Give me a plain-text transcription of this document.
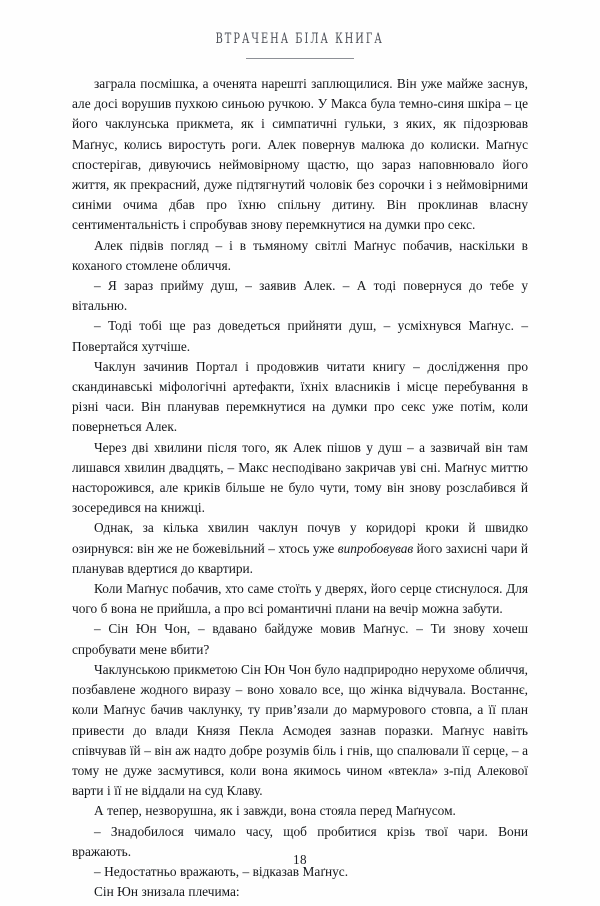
ВТРАЧЕНА БІЛА КНИГА

заграла посмішка, а оченята нарешті заплющилися. Він уже майже заснув, але досі ворушив пухкою синьою ручкою. У Макса була темно-синя шкіра – це його чаклунська прикмета, як і симпатичні гульки, з яких, як підозрював Маґнус, колись виростуть роги. Алек повернув малюка до колиски. Маґнус спостерігав, дивуючись неймовірному щастю, що зараз наповнювало його життя, як прекрасний, дуже підтягнутий чоловік без сорочки і з неймовірними синіми очима дбав про їхню спільну дитину. Він проклинав власну сентиментальність і спробував знову перемкнутися на думки про секс.

Алек підвів погляд – і в тьмяному світлі Маґнус побачив, наскільки в коханого стомлене обличчя.

– Я зараз прийму душ, – заявив Алек. – А тоді повернуся до тебе у вітальню.

– Тоді тобі ще раз доведеться прийняти душ, – усміхнувся Маґнус. – Повертайся хутчіше.

Чаклун зачинив Портал і продовжив читати книгу – дослідження про скандинавські міфологічні артефакти, їхніх власників і місце перебування в різні часи. Він планував перемкнутися на думки про секс уже потім, коли повернеться Алек.

Через дві хвилини після того, як Алек пішов у душ – а зазвичай він там лишався хвилин двадцять, – Макс несподівано закричав уві сні. Маґнус миттю насторожився, але криків більше не було чути, тому він знову розслабився й зосередився на книжці.

Однак, за кілька хвилин чаклун почув у коридорі кроки й швидко озирнувся: він же не божевільний – хтось уже випробовував його захисні чари й планував вдертися до квартири.

Коли Маґнус побачив, хто саме стоїть у дверях, його серце стиснулося. Для чого б вона не прийшла, а про всі романтичні плани на вечір можна забути.

– Сін Юн Чон, – вдавано байдуже мовив Маґнус. – Ти знову хочеш спробувати мене вбити?

Чаклунською прикметою Сін Юн Чон було надприродно нерухоме обличчя, позбавлене жодного виразу – воно ховало все, що жінка відчувала. Востаннє, коли Маґнус бачив чаклунку, ту прив’язали до мармурового стовпа, а її план привести до влади Князя Пекла Асмодея зазнав поразки. Маґнус навіть співчував їй – він аж надто добре розумів біль і гнів, що спалювали її серце, – а тому не дуже засмутився, коли вона якимось чином «втекла» з-під Алекової варти і її не віддали на суд Клаву.

А тепер, незворушна, як і завжди, вона стояла перед Маґнусом.

– Знадобилося чимало часу, щоб пробитися крізь твої чари. Вони вражають.

– Недостатньо вражають, – відказав Маґнус.

Сін Юн знизала плечима:

18
